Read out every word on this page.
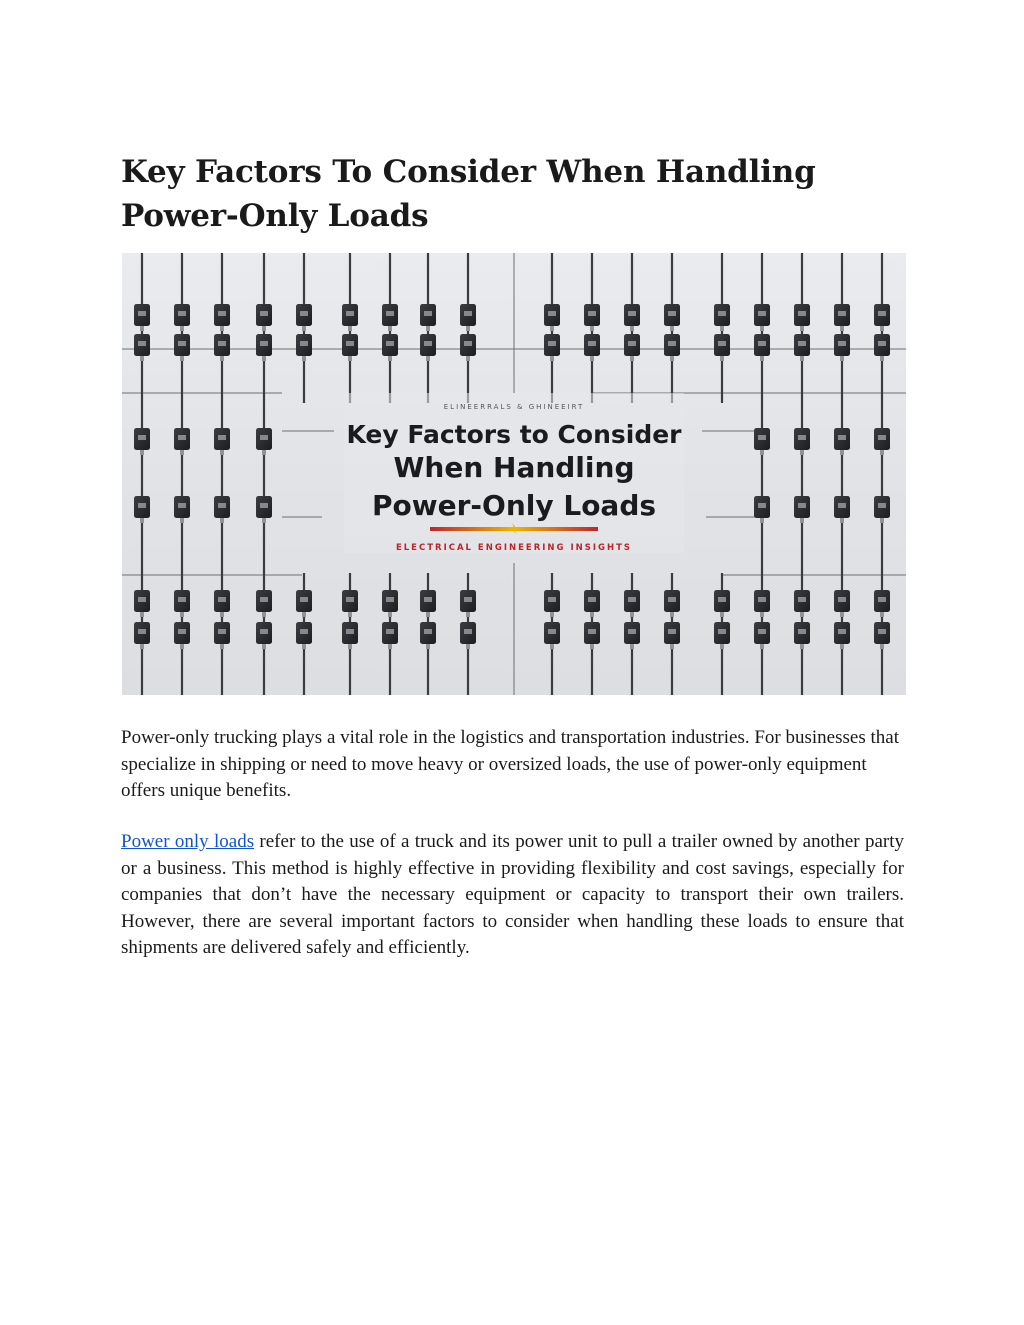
Key Factors To Consider When Handling Power-Only Loads
ELINEERRALS & GHINEEIRT
Key Factors to Consider
When Handling
Power-Only Loads
ELECTRICAL ENGINEERING INSIGHTS

Power-only trucking plays a vital role in the logistics and transportation industries. For businesses that specialize in shipping or need to move heavy or oversized loads, the use of power-only equipment offers unique benefits.

Power only loads refer to the use of a truck and its power unit to pull a trailer owned by another party or a business. This method is highly effective in providing flexibility and cost savings, especially for companies that don’t have the necessary equipment or capacity to transport their own trailers. However, there are several important factors to consider when handling these loads to ensure that shipments are delivered safely and efficiently.
